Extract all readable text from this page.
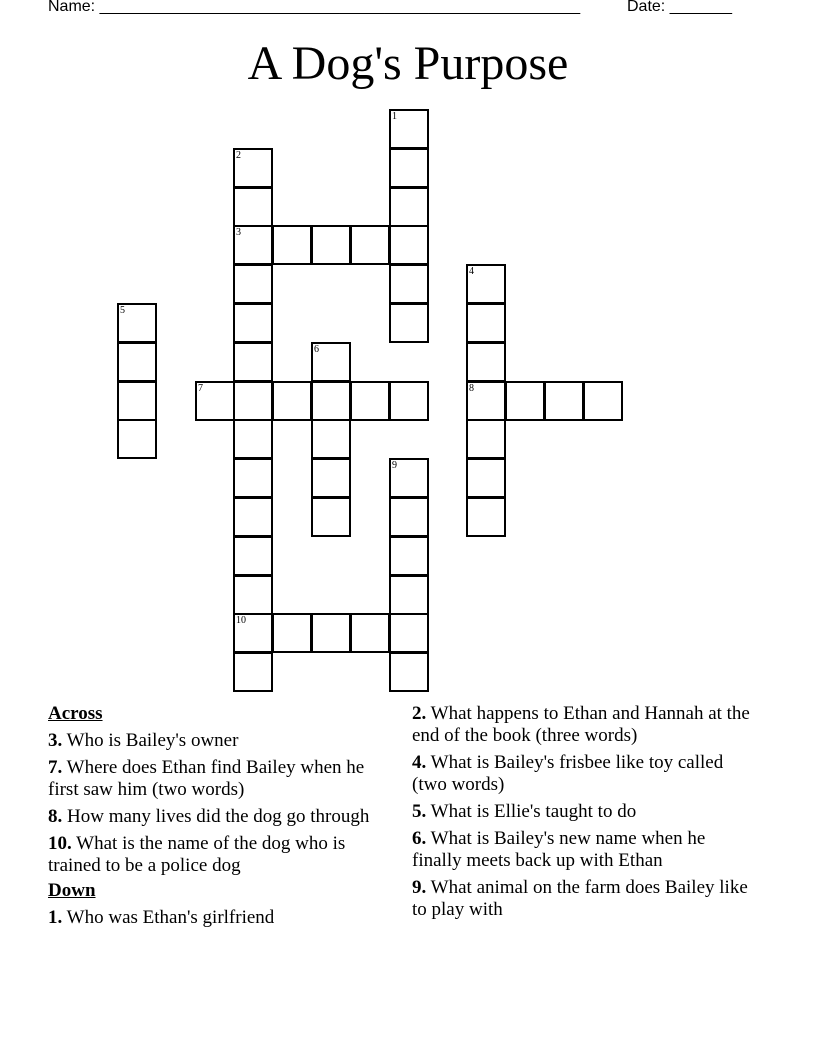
Name: ______________________________________________________	Date: _______
A Dog's Purpose
1
2
3
10
4
8
5
6
7
9
Across
3. Who is Bailey's owner
7. Where does Ethan find Bailey when he first saw him (two words)
8. How many lives did the dog go through
10. What is the name of the dog who is trained to be a police dog
Down
1. Who was Ethan's girlfriend
2. What happens to Ethan and Hannah at the end of the book (three words)
4. What is Bailey's frisbee like toy called (two words)
5. What is Ellie's taught to do
6. What is Bailey's new name when he finally meets back up with Ethan
9. What animal on the farm does Bailey like to play with
